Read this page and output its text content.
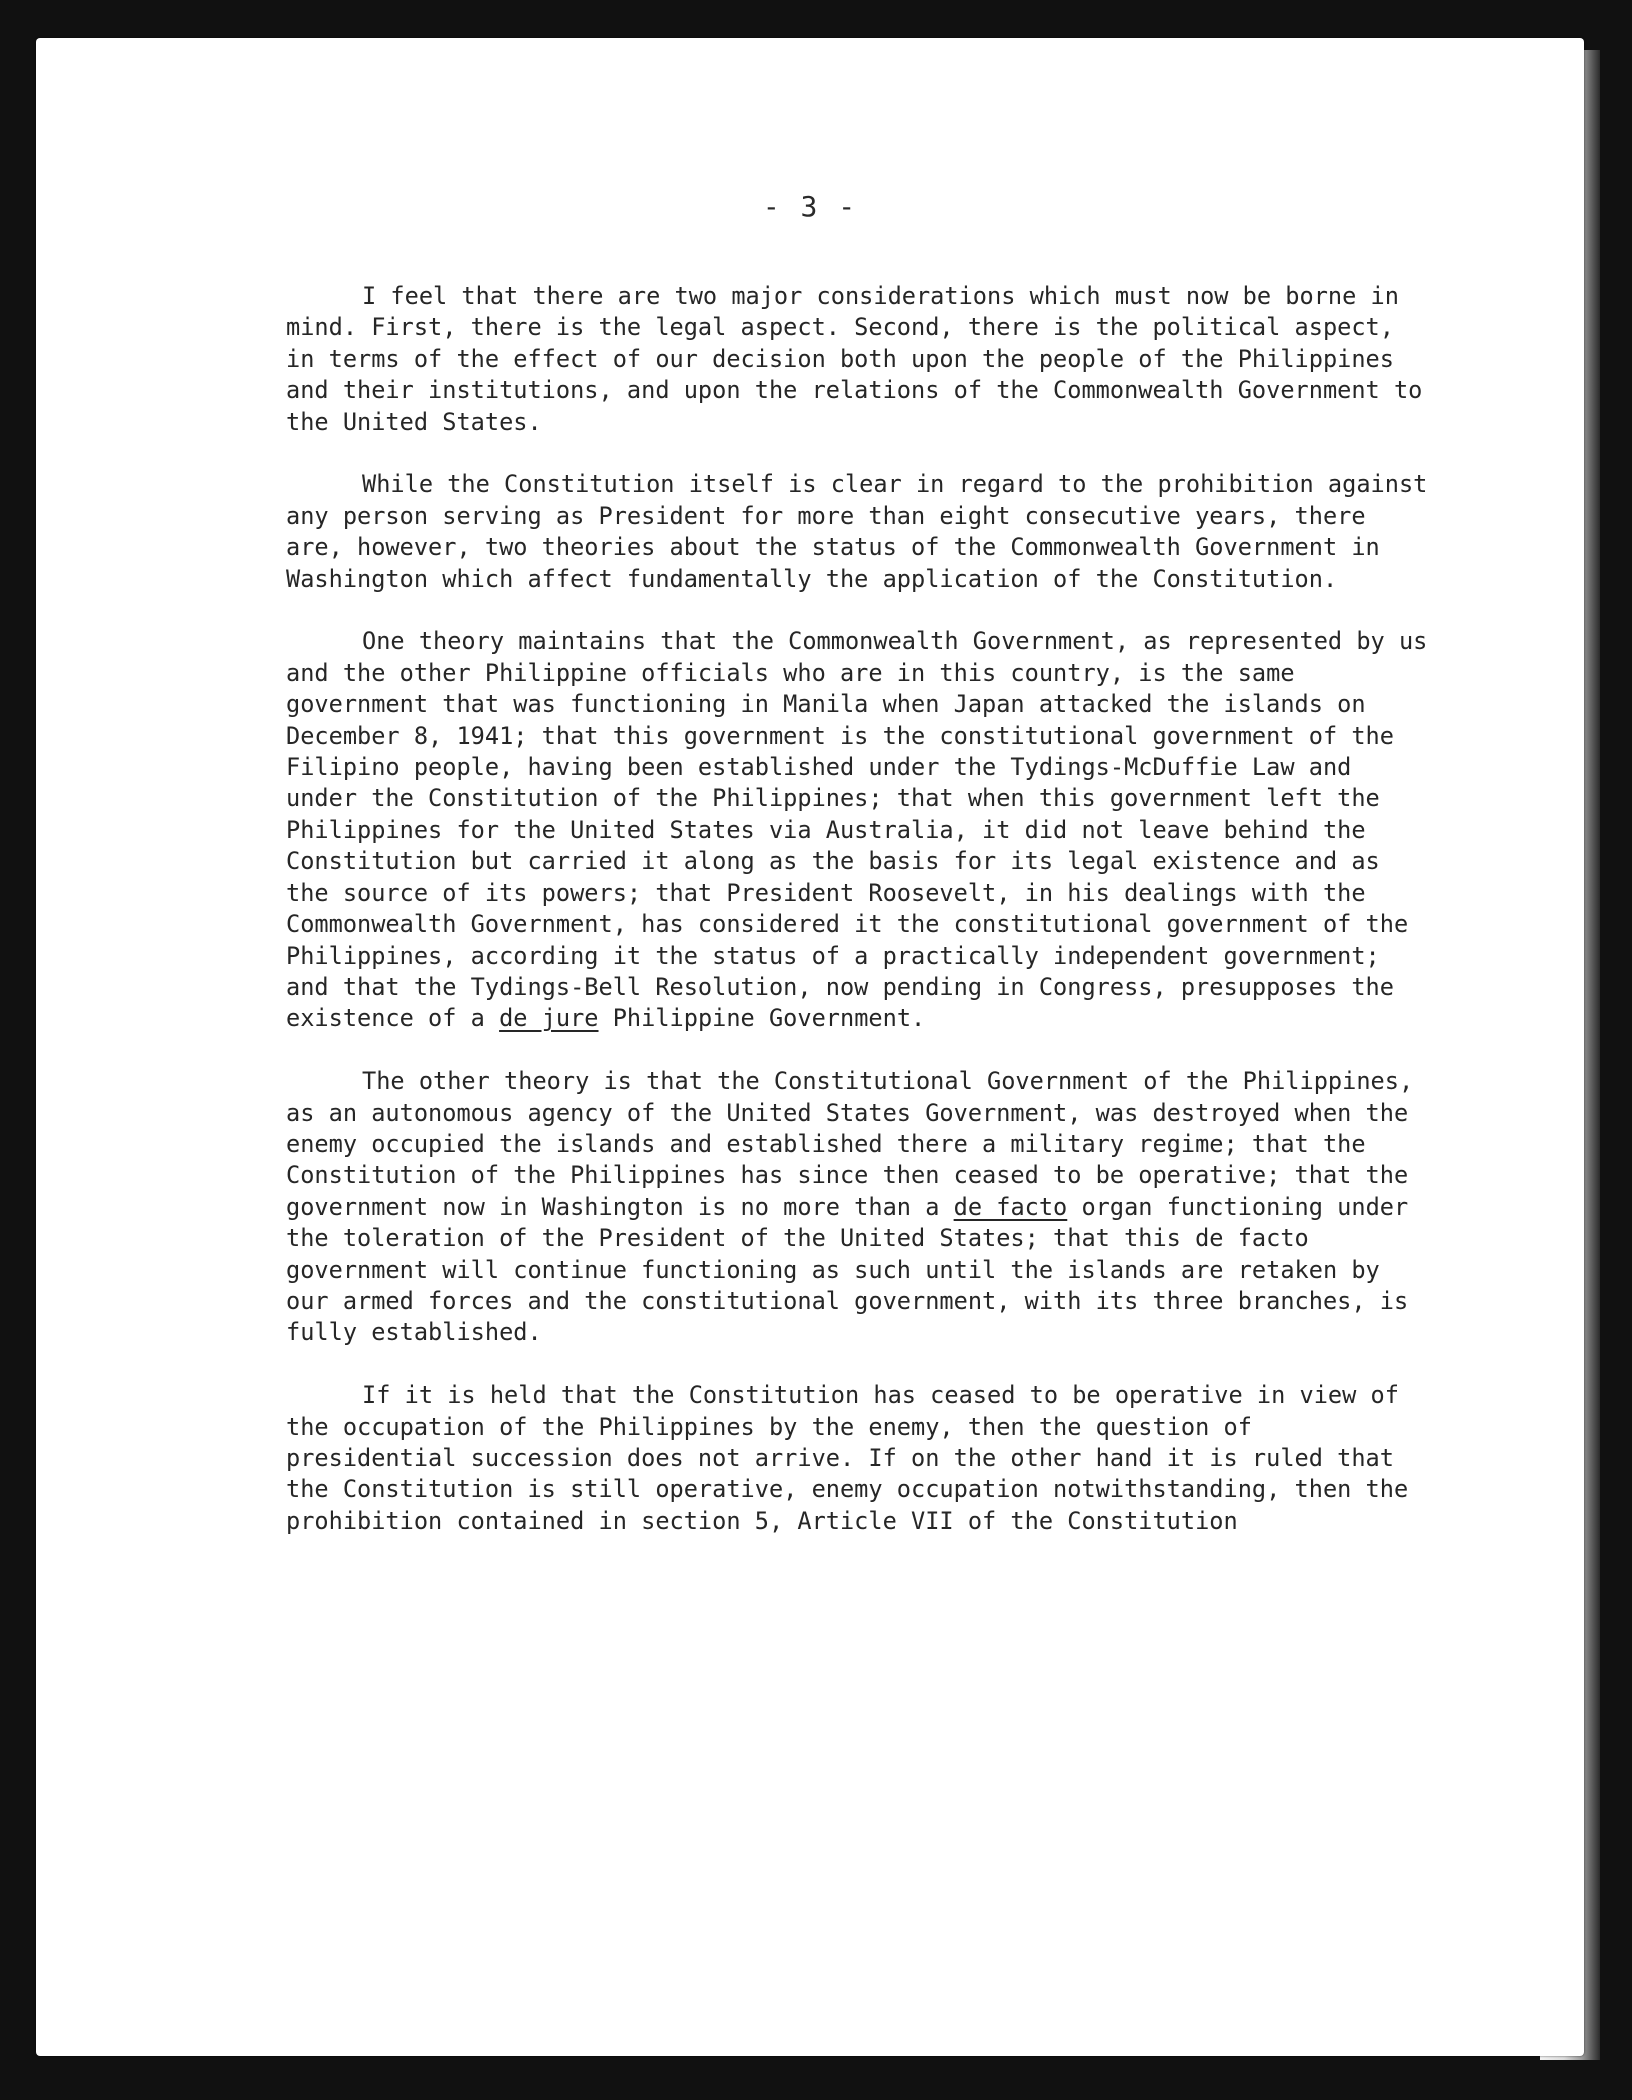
- 3 -

I feel that there are two major considerations which must now be borne in mind. First, there is the legal aspect. Second, there is the political aspect, in terms of the effect of our decision both upon the people of the Philippines and their institutions, and upon the relations of the Commonwealth Government to the United States.

While the Constitution itself is clear in regard to the prohibition against any person serving as President for more than eight consecutive years, there are, however, two theories about the status of the Commonwealth Government in Washington which affect fundamentally the application of the Constitution.

One theory maintains that the Commonwealth Government, as represented by us and the other Philippine officials who are in this country, is the same government that was functioning in Manila when Japan attacked the islands on December 8, 1941; that this government is the constitutional government of the Filipino people, having been established under the Tydings-McDuffie Law and under the Constitution of the Philippines; that when this government left the Philippines for the United States via Australia, it did not leave behind the Constitution but carried it along as the basis for its legal existence and as the source of its powers; that President Roosevelt, in his dealings with the Commonwealth Government, has considered it the constitutional government of the Philippines, according it the status of a practically independent government; and that the Tydings-Bell Resolution, now pending in Congress, presupposes the existence of a de jure Philippine Government.

The other theory is that the Constitutional Government of the Philippines, as an autonomous agency of the United States Government, was destroyed when the enemy occupied the islands and established there a military regime; that the Constitution of the Philippines has since then ceased to be operative; that the government now in Washington is no more than a de facto organ functioning under the toleration of the President of the United States; that this de facto government will continue functioning as such until the islands are retaken by our armed forces and the constitutional government, with its three branches, is fully established.

If it is held that the Constitution has ceased to be operative in view of the occupation of the Philippines by the enemy, then the question of presidential succession does not arrive. If on the other hand it is ruled that the Constitution is still operative, enemy occupation notwithstanding, then the prohibition contained in section 5, Article VII of the Constitution
